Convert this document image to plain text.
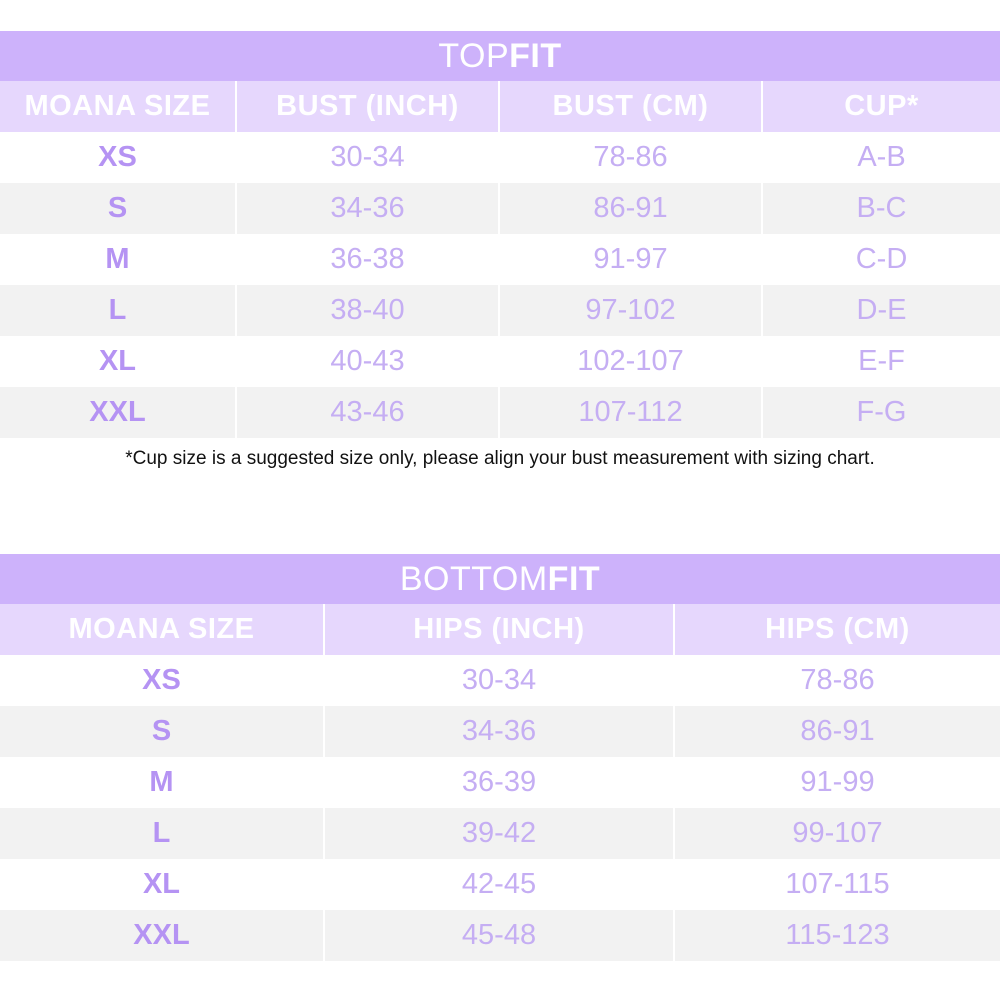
TOP FIT
MOANA SIZE	BUST (INCH)	BUST (CM)	CUP*
XS	30-34	78-86	A-B
S	34-36	86-91	B-C
M	36-38	91-97	C-D
L	38-40	97-102	D-E
XL	40-43	102-107	E-F
XXL	43-46	107-112	F-G
*Cup size is a suggested size only, please align your bust measurement with sizing chart.
BOTTOM FIT
MOANA SIZE	HIPS (INCH)	HIPS (CM)
XS	30-34	78-86
S	34-36	86-91
M	36-39	91-99
L	39-42	99-107
XL	42-45	107-115
XXL	45-48	115-123
